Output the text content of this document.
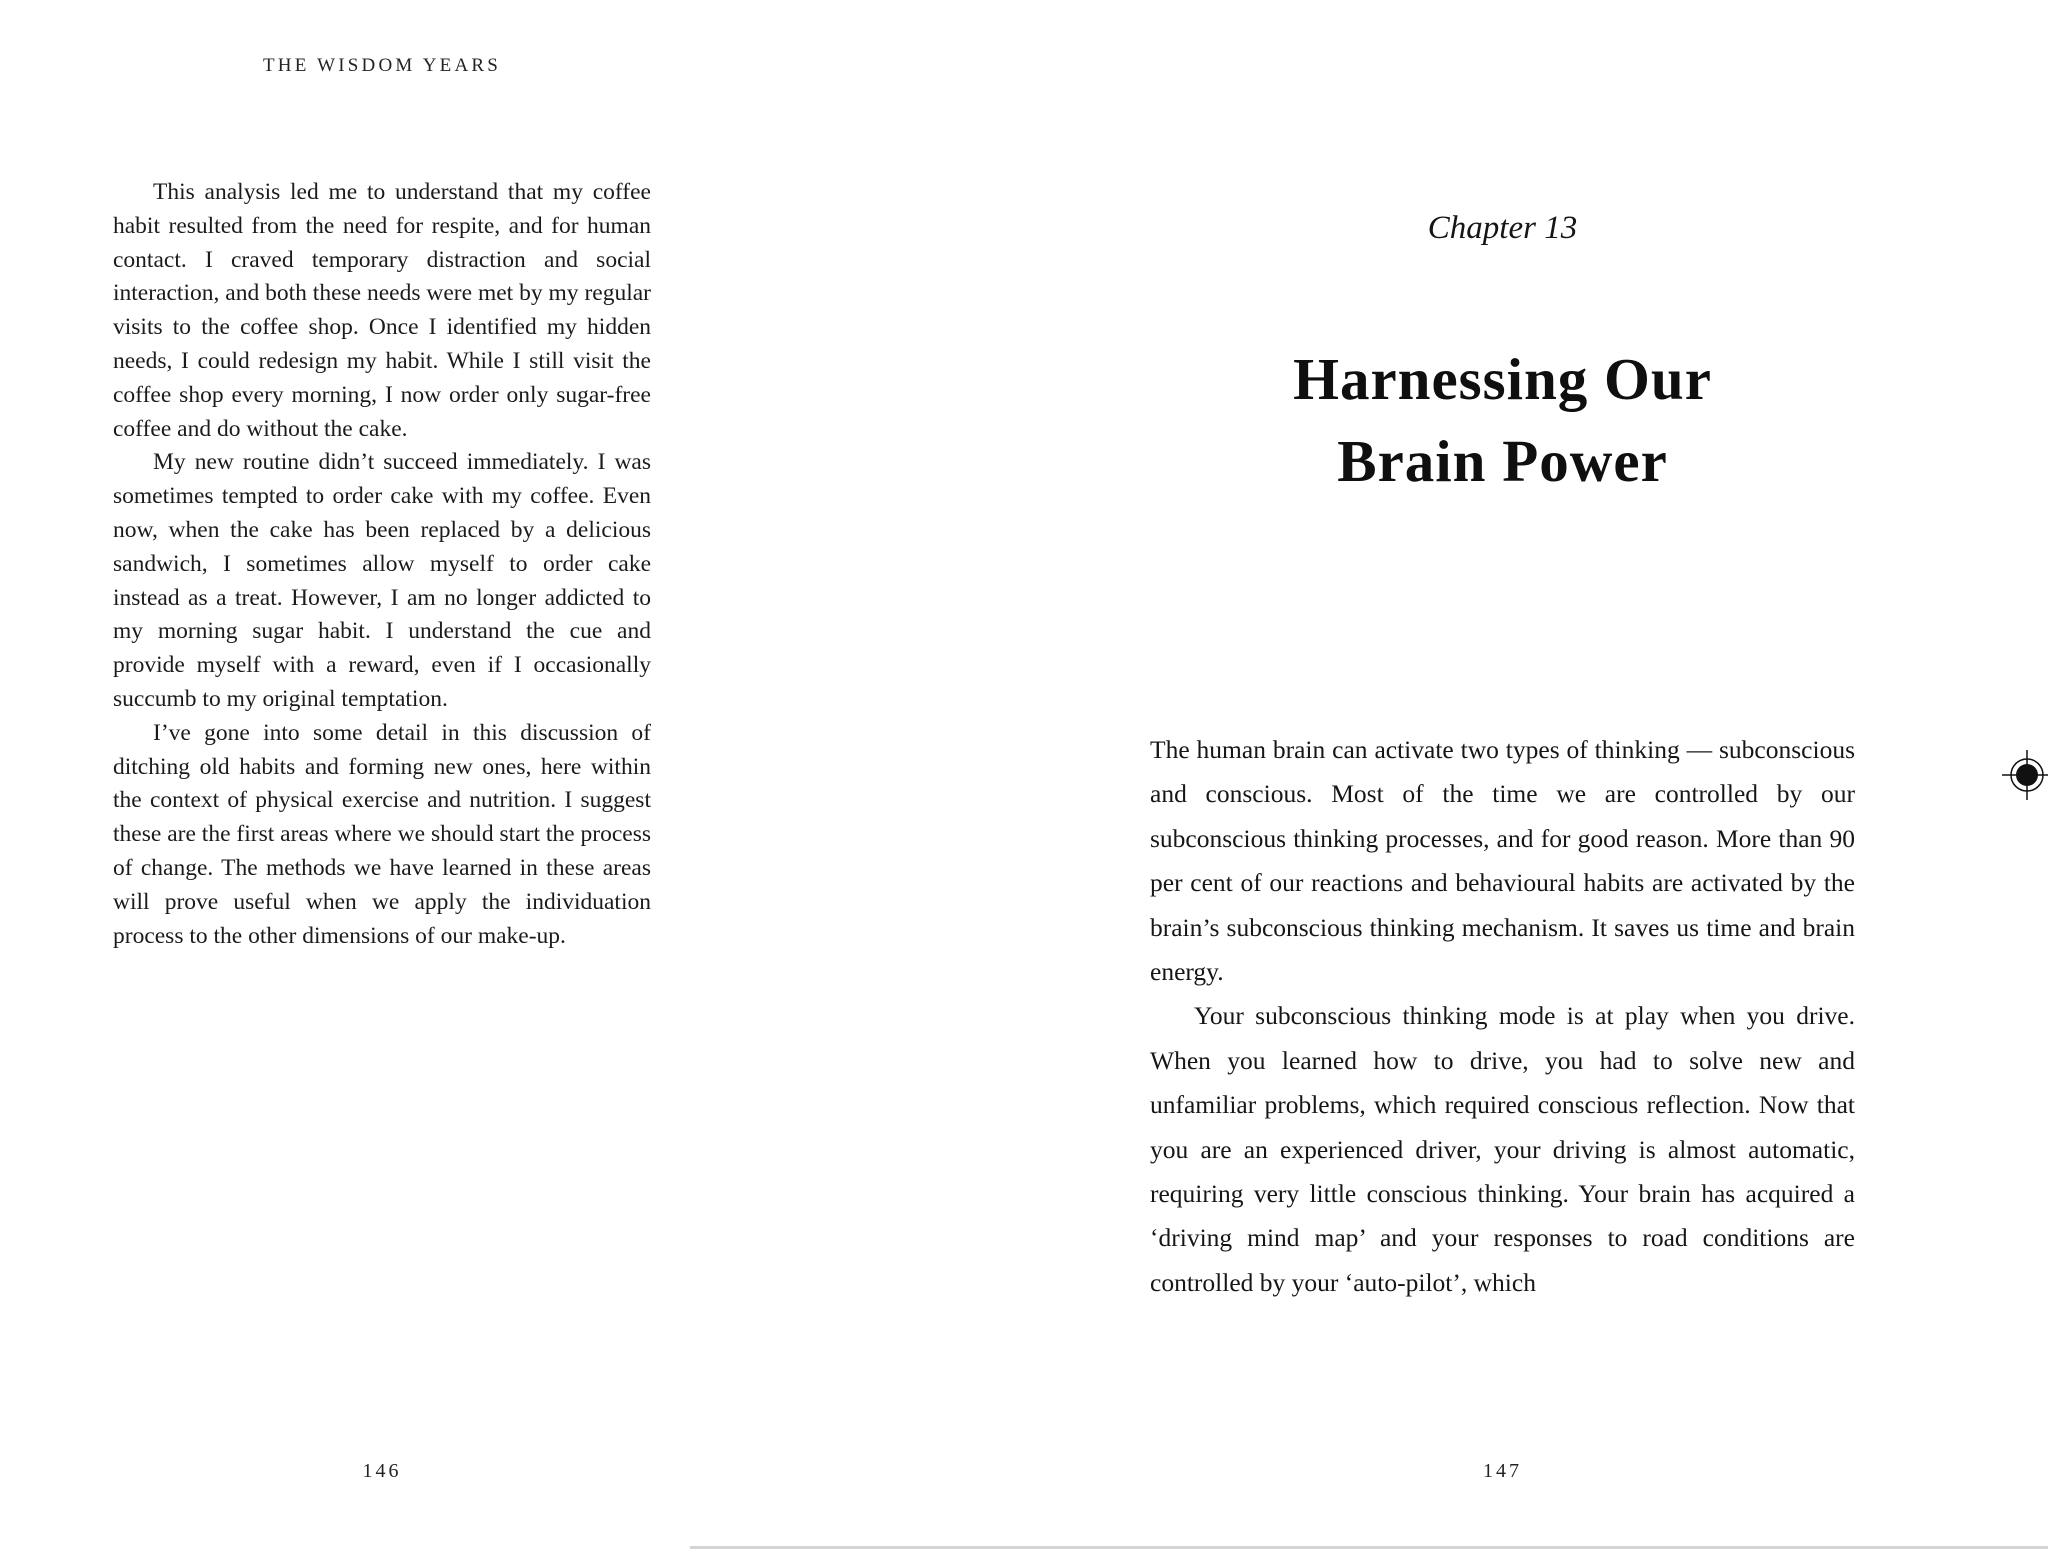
THE WISDOM YEARS

This analysis led me to understand that my coffee habit resulted from the need for respite, and for human contact. I craved temporary distraction and social interaction, and both these needs were met by my regular visits to the coffee shop. Once I identified my hidden needs, I could redesign my habit. While I still visit the coffee shop every morning, I now order only sugar-free coffee and do without the cake.

My new routine didn’t succeed immediately. I was sometimes tempted to order cake with my coffee. Even now, when the cake has been replaced by a delicious sandwich, I sometimes allow myself to order cake instead as a treat. However, I am no longer addicted to my morning sugar habit. I understand the cue and provide myself with a reward, even if I occasionally succumb to my original temptation.

I’ve gone into some detail in this discussion of ditching old habits and forming new ones, here within the context of physical exercise and nutrition. I suggest these are the first areas where we should start the process of change. The methods we have learned in these areas will prove useful when we apply the individuation process to the other dimensions of our make-up.

146
Chapter 13
Harnessing Our
Brain Power

The human brain can activate two types of thinking — subconscious and conscious. Most of the time we are controlled by our subconscious thinking processes, and for good reason. More than 90 per cent of our reactions and behavioural habits are activated by the brain’s subconscious thinking mechanism. It saves us time and brain energy.

Your subconscious thinking mode is at play when you drive. When you learned how to drive, you had to solve new and unfamiliar problems, which required conscious reflection. Now that you are an experienced driver, your driving is almost automatic, requiring very little conscious thinking. Your brain has acquired a ‘driving mind map’ and your responses to road conditions are controlled by your ‘auto-pilot’, which

147
